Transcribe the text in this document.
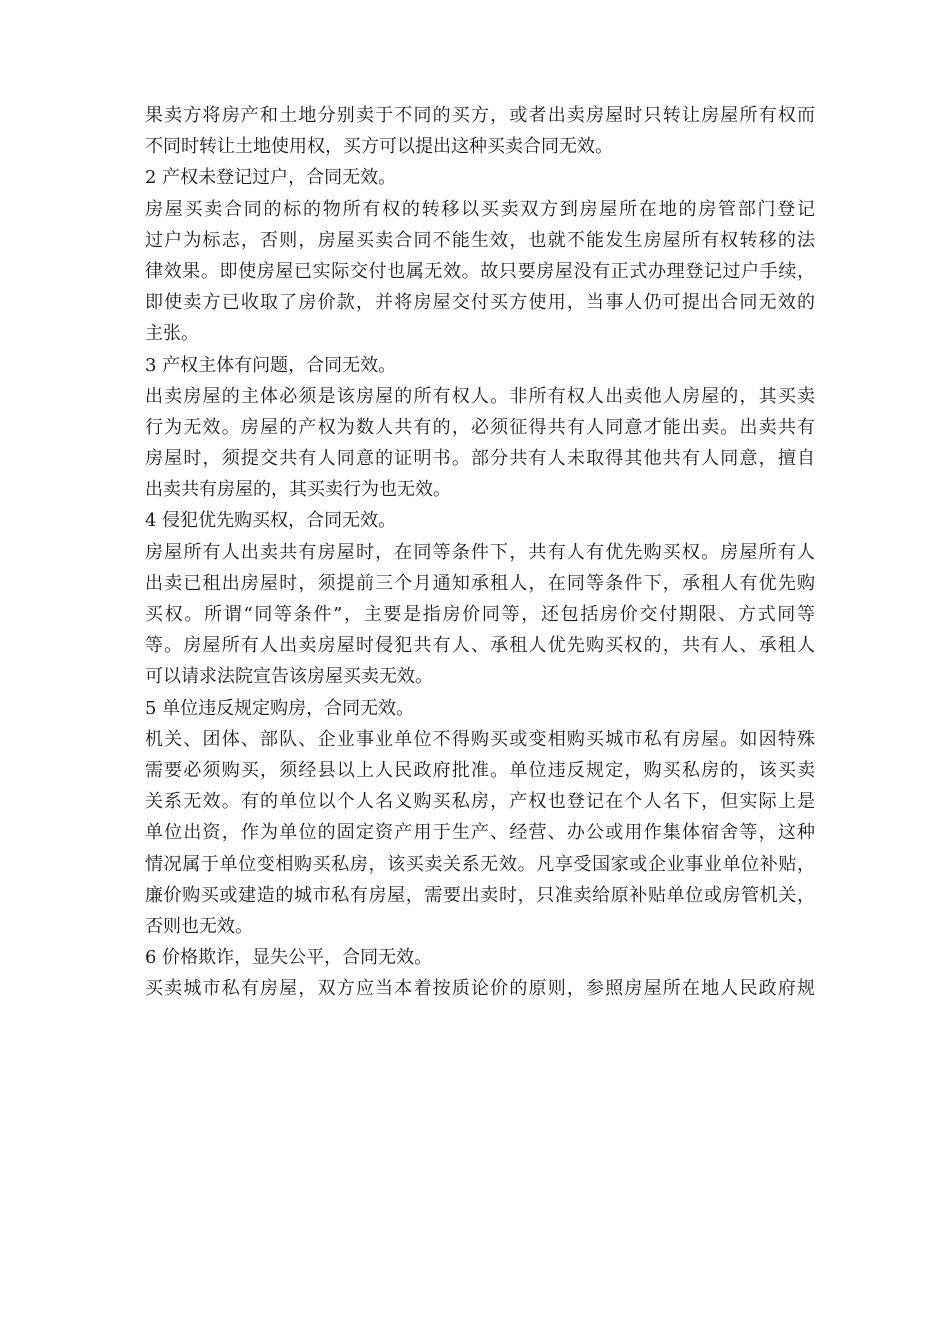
果卖方将房产和土地分别卖于不同的买方，或者出卖房屋时只转让房屋所有权而
不同时转让土地使用权，买方可以提出这种买卖合同无效。
2 产权未登记过户，合同无效。
房屋买卖合同的标的物所有权的转移以买卖双方到房屋所在地的房管部门登记
过户为标志，否则，房屋买卖合同不能生效，也就不能发生房屋所有权转移的法
律效果。即使房屋已实际交付也属无效。故只要房屋没有正式办理登记过户手续，
即使卖方已收取了房价款，并将房屋交付买方使用，当事人仍可提出合同无效的
主张。
3 产权主体有问题，合同无效。
出卖房屋的主体必须是该房屋的所有权人。非所有权人出卖他人房屋的，其买卖
行为无效。房屋的产权为数人共有的，必须征得共有人同意才能出卖。出卖共有
房屋时，须提交共有人同意的证明书。部分共有人未取得其他共有人同意，擅自
出卖共有房屋的，其买卖行为也无效。
4 侵犯优先购买权，合同无效。
房屋所有人出卖共有房屋时，在同等条件下，共有人有优先购买权。房屋所有人
出卖已租出房屋时，须提前三个月通知承租人，在同等条件下，承租人有优先购
买权。所谓“同等条件”，主要是指房价同等，还包括房价交付期限、方式同等
等。房屋所有人出卖房屋时侵犯共有人、承租人优先购买权的，共有人、承租人
可以请求法院宣告该房屋买卖无效。
5 单位违反规定购房，合同无效。
机关、团体、部队、企业事业单位不得购买或变相购买城市私有房屋。如因特殊
需要必须购买，须经县以上人民政府批准。单位违反规定，购买私房的，该买卖
关系无效。有的单位以个人名义购买私房，产权也登记在个人名下，但实际上是
单位出资，作为单位的固定资产用于生产、经营、办公或用作集体宿舍等，这种
情况属于单位变相购买私房，该买卖关系无效。凡享受国家或企业事业单位补贴，
廉价购买或建造的城市私有房屋，需要出卖时，只准卖给原补贴单位或房管机关，
否则也无效。
6 价格欺诈，显失公平，合同无效。
买卖城市私有房屋，双方应当本着按质论价的原则，参照房屋所在地人民政府规
